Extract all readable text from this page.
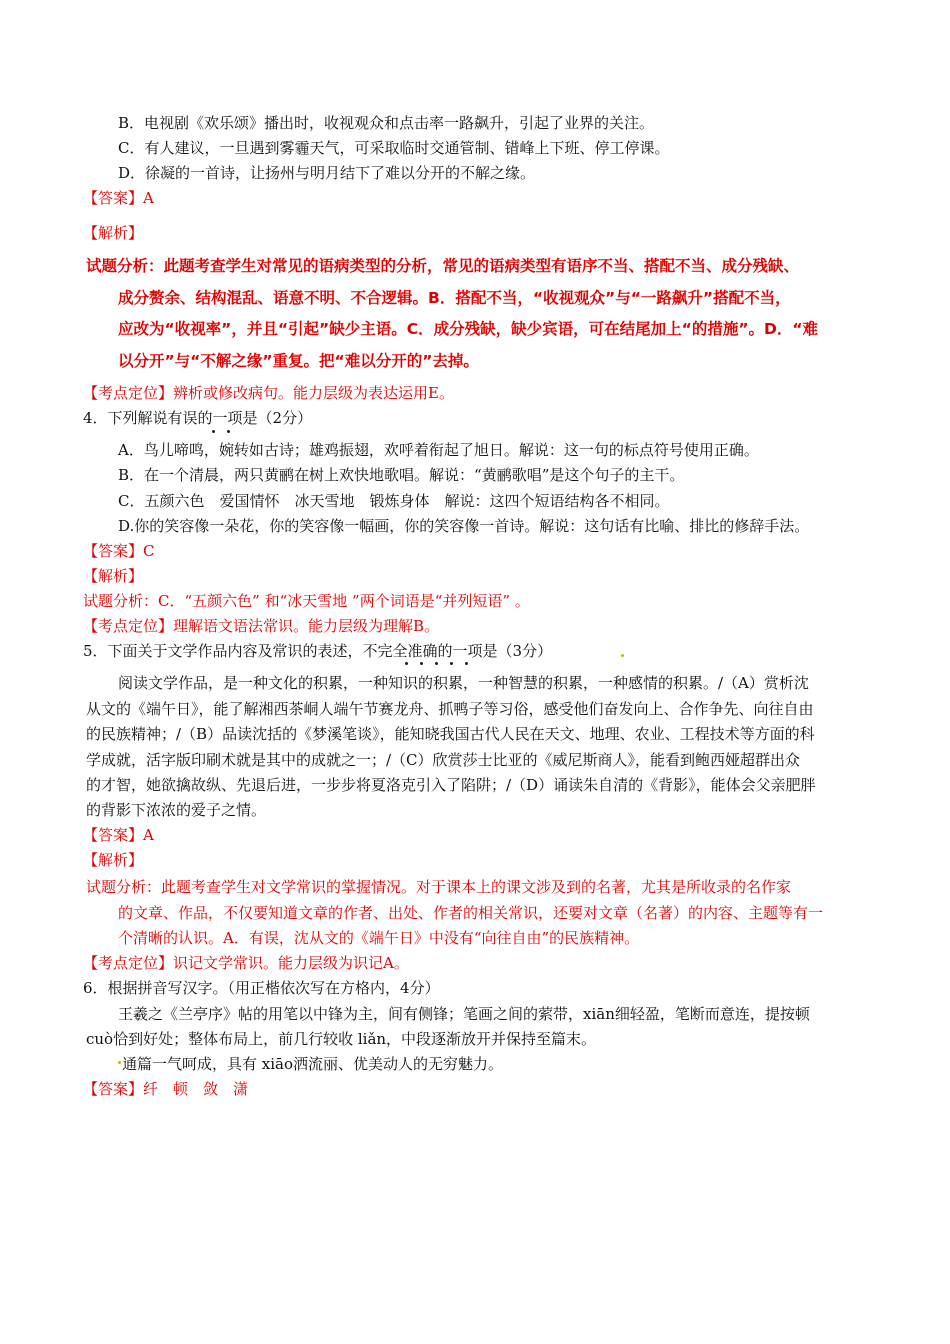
B．电视剧《欢乐颂》播出时，收视观众和点击率一路飙升，引起了业界的关注。
C．有人建议，一旦遇到雾霾天气，可采取临时交通管制、错峰上下班、停工停课。
D．徐凝的一首诗，让扬州与明月结下了难以分开的不解之缘。
【答案】A
【解析】
试题分析：此题考查学生对常见的语病类型的分析，常见的语病类型有语序不当、搭配不当、成分残缺、
成分赘余、结构混乱、语意不明、不合逻辑。B．搭配不当，“收视观众”与“一路飙升”搭配不当，
应改为“收视率”，并且“引起”缺少主语。C．成分残缺，缺少宾语，可在结尾加上“的措施”。D．“难
以分开”与“不解之缘”重复。把“难以分开的”去掉。
【考点定位】辨析或修改病句。能力层级为表达运用E。
4．下列解说有误的一项是（2分）
A．鸟儿啼鸣，婉转如古诗；雄鸡振翅，欢呼着衔起了旭日。解说：这一句的标点符号使用正确。
B．在一个清晨，两只黄鹂在树上欢快地歌唱。解说：“黄鹂歌唱”是这个句子的主干。
C．五颜六色　爱国情怀　冰天雪地　锻炼身体　解说：这四个短语结构各不相同。
D.你的笑容像一朵花，你的笑容像一幅画，你的笑容像一首诗。解说：这句话有比喻、排比的修辞手法。
【答案】C
【解析】
试题分析：C．“五颜六色” 和“冰天雪地 ”两个词语是“并列短语” 。
【考点定位】理解语文语法常识。能力层级为理解B。
5．下面关于文学作品内容及常识的表述，不完全准确的一项是（3分）
阅读文学作品，是一种文化的积累，一种知识的积累，一种智慧的积累，一种感情的积累。/（A）赏析沈
从文的《端午日》，能了解湘西茶峒人端午节赛龙舟、抓鸭子等习俗，感受他们奋发向上、合作争先、向往自由
的民族精神；/（B）品读沈括的《梦溪笔谈》，能知晓我国古代人民在天文、地理、农业、工程技术等方面的科
学成就，活字版印刷术就是其中的成就之一；/（C）欣赏莎士比亚的《威尼斯商人》，能看到鲍西娅超群出众
的才智，她欲擒故纵、先退后进，一步步将夏洛克引入了陷阱；/（D）诵读朱自清的《背影》，能体会父亲肥胖
的背影下浓浓的爱子之情。
【答案】A
【解析】
试题分析：此题考查学生对文学常识的掌握情况。对于课本上的课文涉及到的名著，尤其是所收录的名作家
的文章、作品，不仅要知道文章的作者、出处、作者的相关常识，还要对文章（名著）的内容、主题等有一
个清晰的认识。A．有误，沈从文的《端午日》中没有“向往自由”的民族精神。
【考点定位】识记文学常识。能力层级为识记A。
6．根据拼音写汉字。（用正楷依次写在方格内，4分）
王羲之《兰亭序》帖的用笔以中锋为主，间有侧锋；笔画之间的萦带，xiān细轻盈，笔断而意连，提按顿
cuò恰到好处；整体布局上，前几行较收 liǎn，中段逐渐放开并保持至篇末。
通篇一气呵成，具有 xiāo洒流丽、优美动人的无穷魅力。
【答案】纤　顿　敛　潇
